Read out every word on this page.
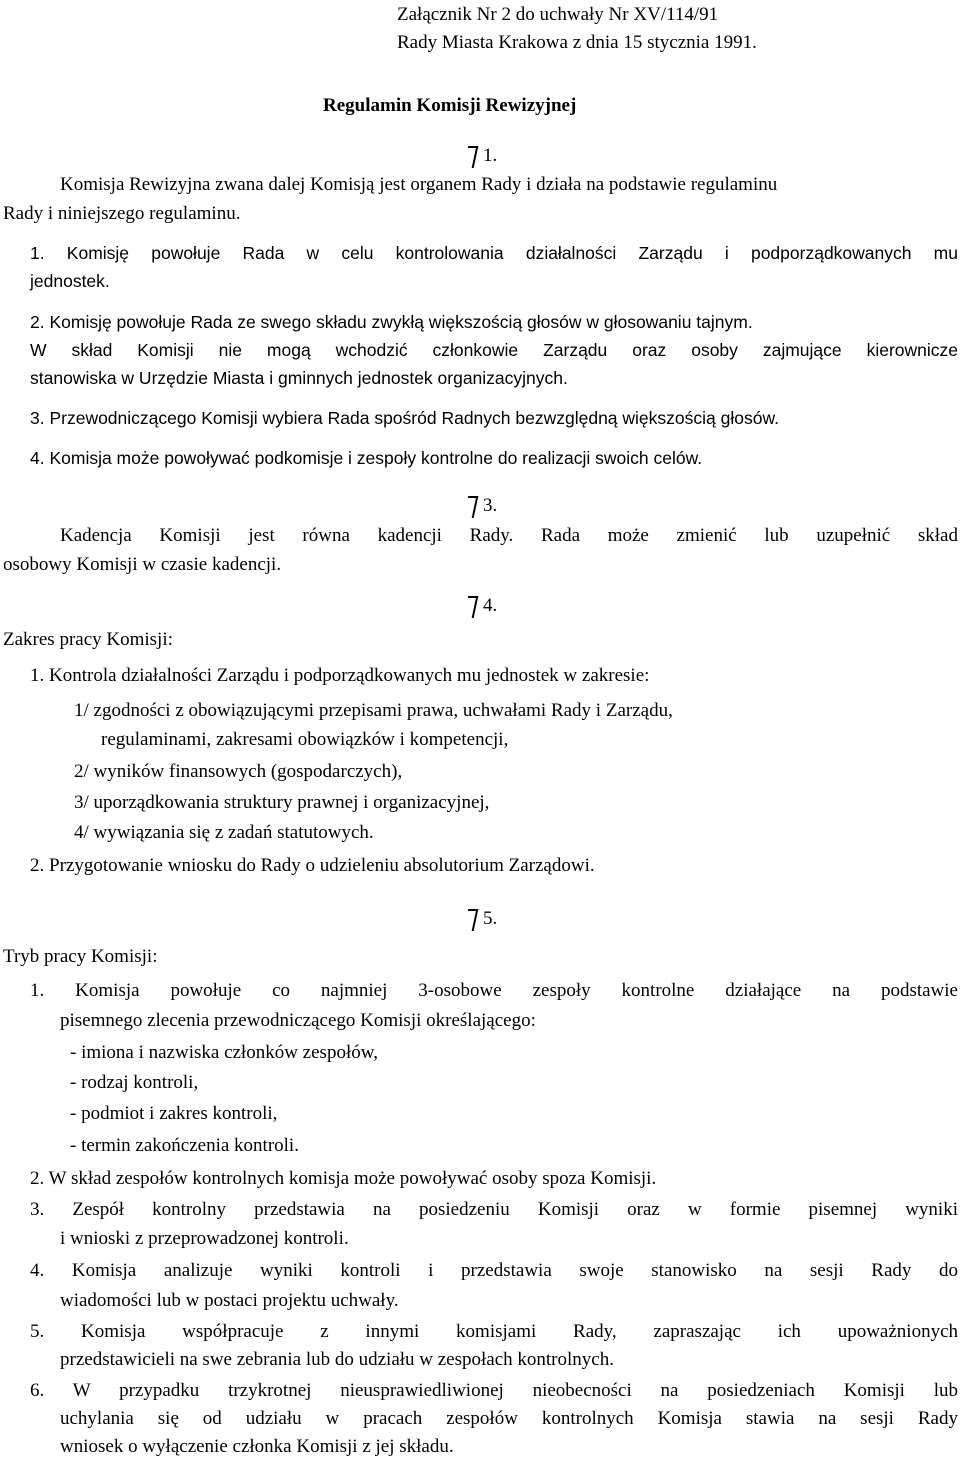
Załącznik Nr 2 do uchwały Nr XV/114/91

Rady Miasta Krakowa z dnia 15 stycznia 1991.

Regulamin Komisji Rewizyjnej

1.

Komisja Rewizyjna zwana dalej Komisją jest organem Rady i działa na podstawie regulaminu

Rady i niniejszego regulaminu.

1. Komisję powołuje Rada w celu kontrolowania działalności Zarządu i podporządkowanych mu

jednostek.

2. Komisję powołuje Rada ze swego składu zwykłą większością głosów w głosowaniu tajnym.

W skład Komisji nie mogą wchodzić członkowie Zarządu oraz osoby zajmujące kierownicze

stanowiska w Urzędzie Miasta i gminnych jednostek organizacyjnych.

3. Przewodniczącego Komisji wybiera Rada spośród Radnych bezwzględną większością głosów.

4. Komisja może powoływać podkomisje i zespoły kontrolne do realizacji swoich celów.

3.

Kadencja Komisji jest równa kadencji Rady. Rada może zmienić lub uzupełnić skład

osobowy Komisji w czasie kadencji.

4.

Zakres pracy Komisji:

1. Kontrola działalności Zarządu i podporządkowanych mu jednostek w zakresie:

1/ zgodności z obowiązującymi przepisami prawa, uchwałami Rady i Zarządu,

regulaminami, zakresami obowiązków i kompetencji,

2/ wyników finansowych (gospodarczych),

3/ uporządkowania struktury prawnej i organizacyjnej,

4/ wywiązania się z zadań statutowych.

2. Przygotowanie wniosku do Rady o udzieleniu absolutorium Zarządowi.

5.

Tryb pracy Komisji:

1. Komisja powołuje co najmniej 3-osobowe zespoły kontrolne działające na podstawie

pisemnego zlecenia przewodniczącego Komisji określającego:

- imiona i nazwiska członków zespołów,

- rodzaj kontroli,

- podmiot i zakres kontroli,

- termin zakończenia kontroli.

2. W skład zespołów kontrolnych komisja może powoływać osoby spoza Komisji.

3. Zespół kontrolny przedstawia na posiedzeniu Komisji oraz w formie pisemnej wyniki

i wnioski z przeprowadzonej kontroli.

4. Komisja analizuje wyniki kontroli i przedstawia swoje stanowisko na sesji Rady do

wiadomości lub w postaci projektu uchwały.

5. Komisja współpracuje z innymi komisjami Rady, zapraszając ich upoważnionych

przedstawicieli na swe zebrania lub do udziału w zespołach kontrolnych.

6. W przypadku trzykrotnej nieusprawiedliwionej nieobecności na posiedzeniach Komisji lub

uchylania się od udziału w pracach zespołów kontrolnych Komisja stawia na sesji Rady

wniosek o wyłączenie członka Komisji z jej składu.
